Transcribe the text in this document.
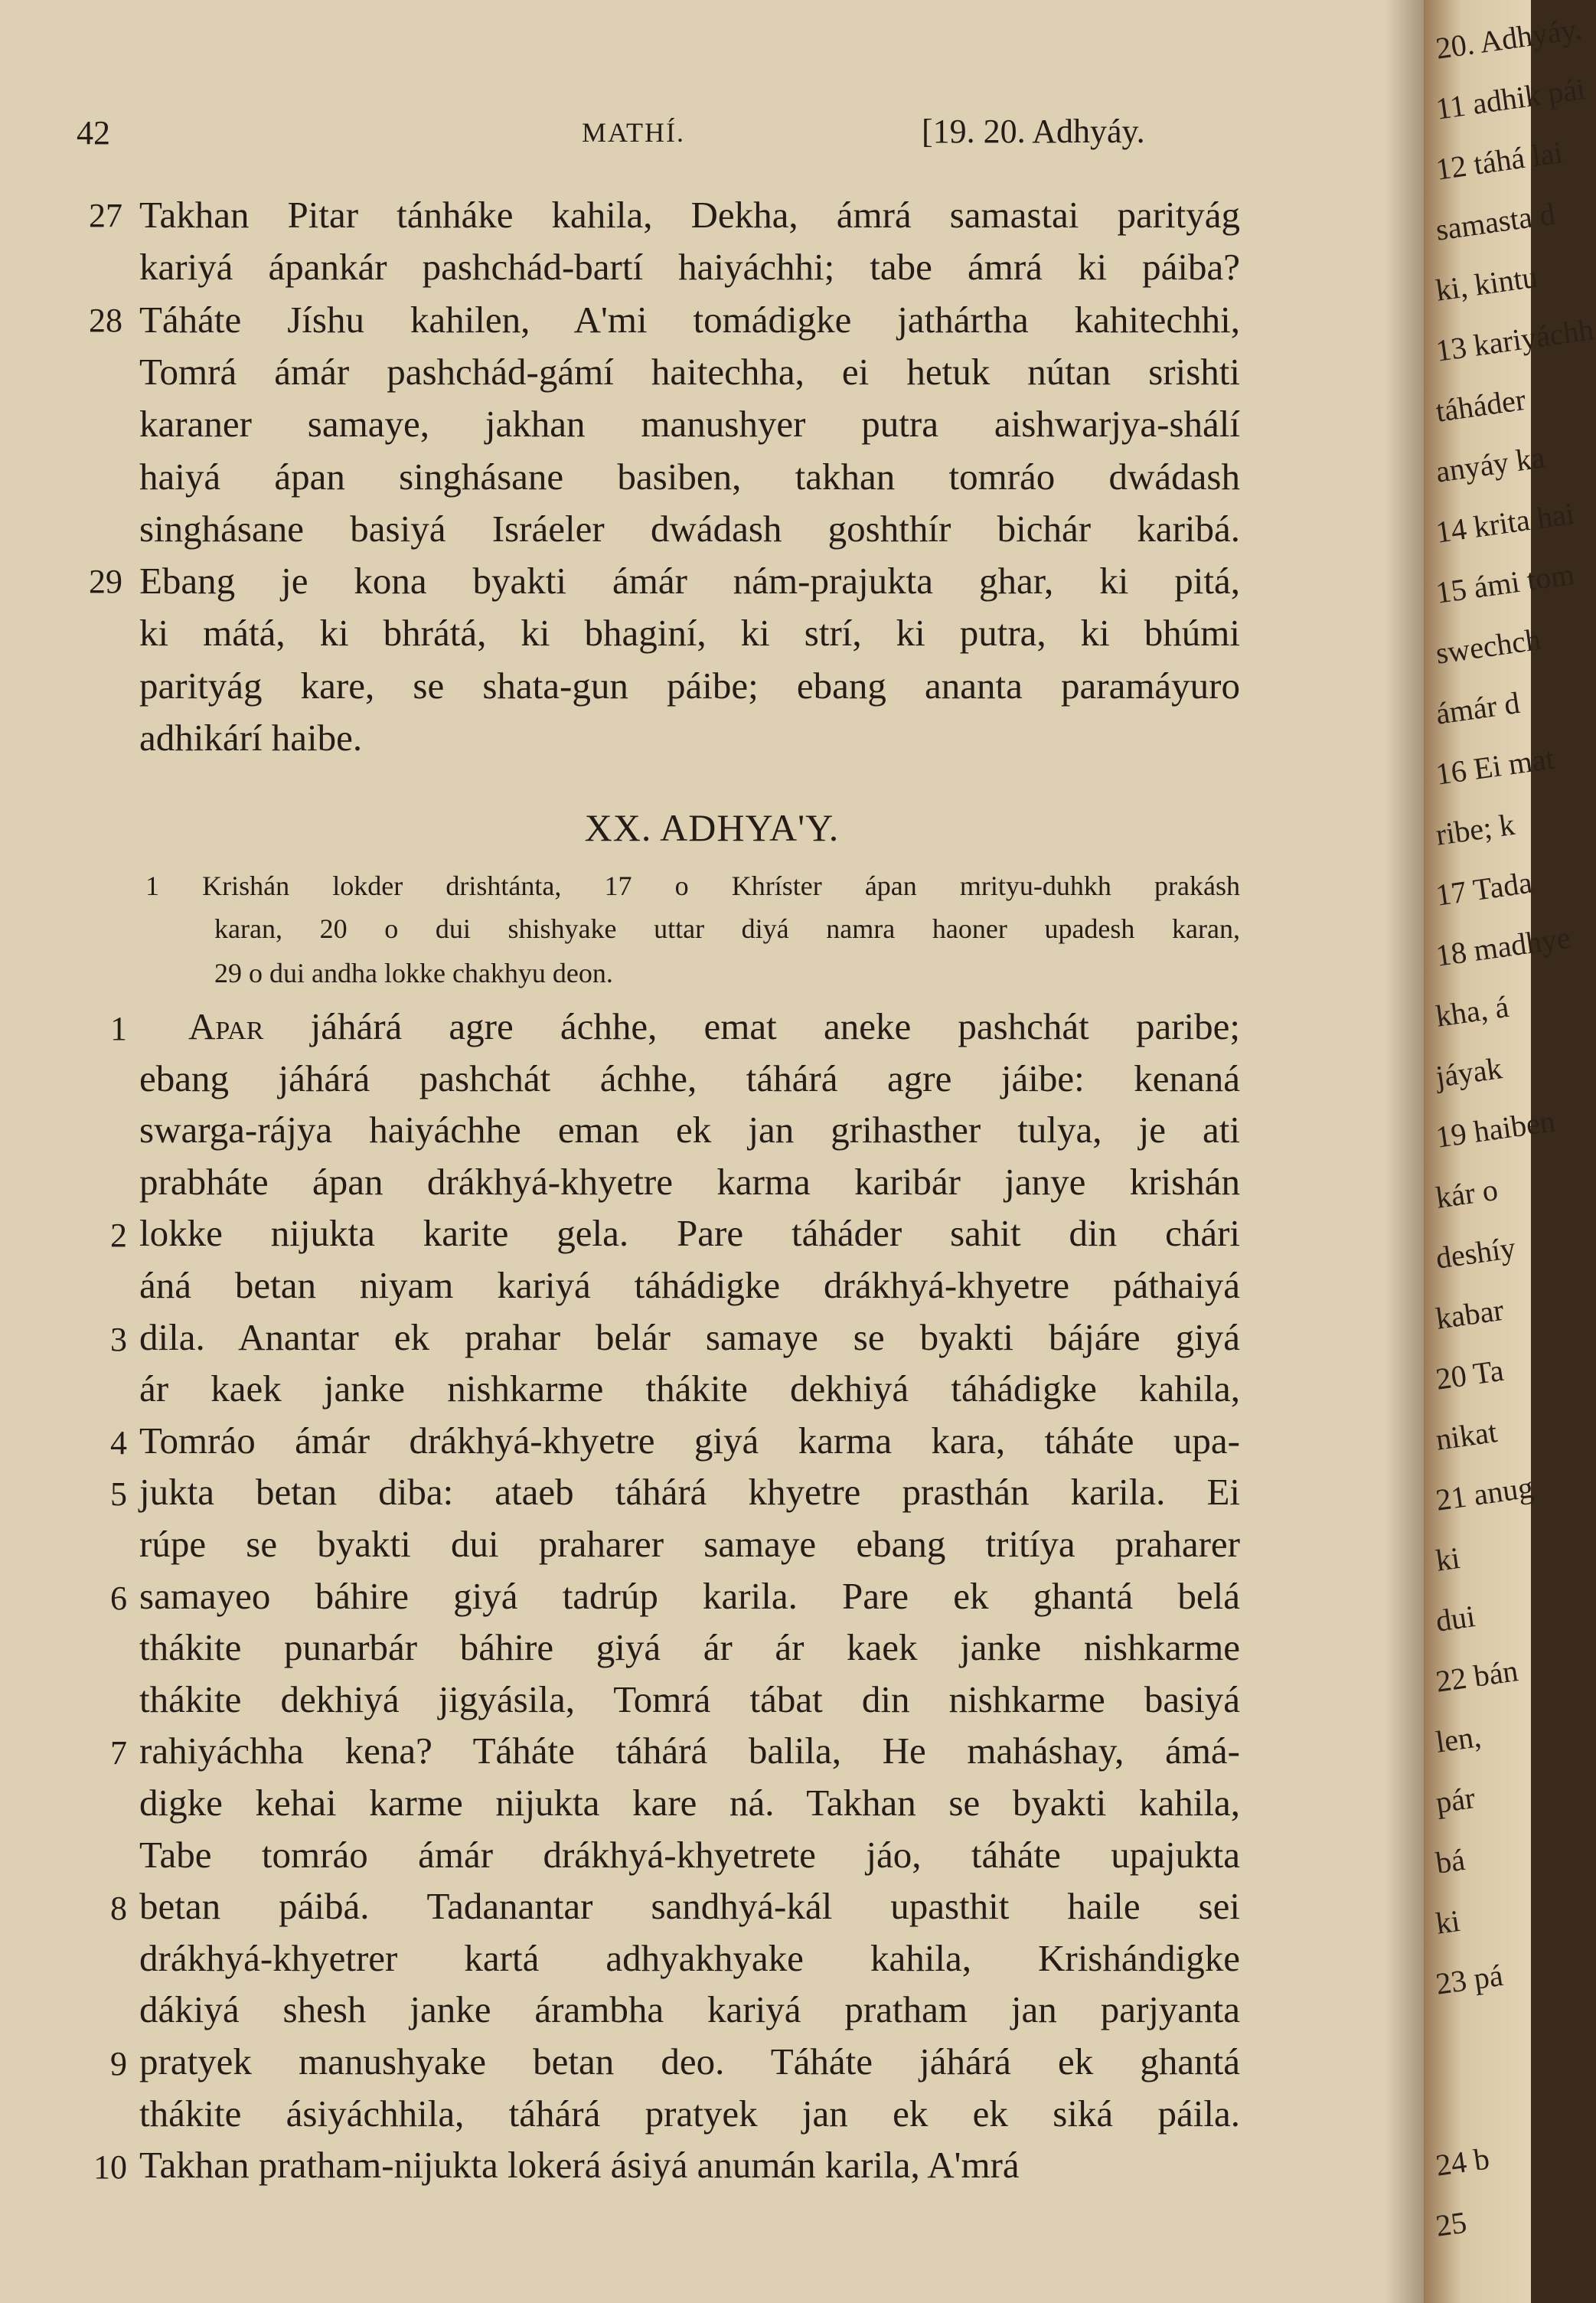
42	MATHÍ.	[19. 20. Adhyáy.
Takhan Pitar tánháke kahila, Dekha, ámrá samastai parityág
27
kariyá ápankár pashchád-bartí haiyáchhi; tabe ámrá ki páiba?
Táháte Jíshu kahilen, A'mi tomádigke jathártha kahitechhi,
28
Tomrá ámár pashchád-gámí haitechha, ei hetuk nútan srishti
karaner samaye, jakhan manushyer putra aishwarjya-shálí
haiyá ápan singhásane basiben, takhan tomráo dwádash
singhásane basiyá Isráeler dwádash goshthír bichár karibá.
Ebang je kona byakti ámár nám-prajukta ghar, ki pitá,
29
ki mátá, ki bhrátá, ki bhaginí, ki strí, ki putra, ki bhúmi
parityág kare, se shata-gun páibe; ebang ananta paramáyuro
adhikárí haibe.
XX. ADHYA'Y.
1 Krishán lokder drishtánta, 17 o Khríster ápan mrityu-duhkh prakásh
karan, 20 o dui shishyake uttar diyá namra haoner upadesh karan,
29 o dui andha lokke chakhyu deon.
Apar jáhárá agre áchhe, emat aneke pashchát paribe;
1
ebang jáhárá pashchát áchhe, táhárá agre jáibe: kenaná
swarga-rájya haiyáchhe eman ek jan grihasther tulya, je ati
prabháte ápan drákhyá-khyetre karma karibár janye krishán
lokke nijukta karite gela. Pare táháder sahit din chári
2
áná betan niyam kariyá táhádigke drákhyá-khyetre páthaiyá
dila. Anantar ek prahar belár samaye se byakti bájáre giyá
3
ár kaek janke nishkarme thákite dekhiyá táhádigke kahila,
Tomráo ámár drákhyá-khyetre giyá karma kara, táháte upa-
4
jukta betan diba: ataeb táhárá khyetre prasthán karila. Ei
5
rúpe se byakti dui praharer samaye ebang tritíya praharer
samayeo báhire giyá tadrúp karila. Pare ek ghantá belá
6
thákite punarbár báhire giyá ár ár kaek janke nishkarme
thákite dekhiyá jigyásila, Tomrá tábat din nishkarme basiyá
rahiyáchha kena? Táháte táhárá balila, He maháshay, ámá-
7
digke kehai karme nijukta kare ná. Takhan se byakti kahila,
Tabe tomráo ámár drákhyá-khyetrete jáo, táháte upajukta
betan páibá. Tadanantar sandhyá-kál upasthit haile sei
8
drákhyá-khyetrer kartá adhyakhyake kahila, Krishándigke
dákiyá shesh janke árambha kariyá pratham jan parjyanta
pratyek manushyake betan deo. Táháte jáhárá ek ghantá
9
thákite ásiyáchhila, táhárá pratyek jan ek ek siká páila.
Takhan pratham-nijukta lokerá ásiyá anumán karila, A'mrá
10
20. Adhyáy.
11 adhik pái
12 táhá lai
samasta d
ki, kintu
13 kariyáchh
táháder
anyáy ka
14 krita hai
15 ámi tom
swechch
ámár d
16 Ei mat
ribe; k
17 Tada
18 madhye
kha, á
jáyak
19 haiben
kár o
deshíy
kabar
20 Ta
nikat
21 anug
ki
dui
22 bán
len,
pár
bá
ki
23 pá
24 b
25
